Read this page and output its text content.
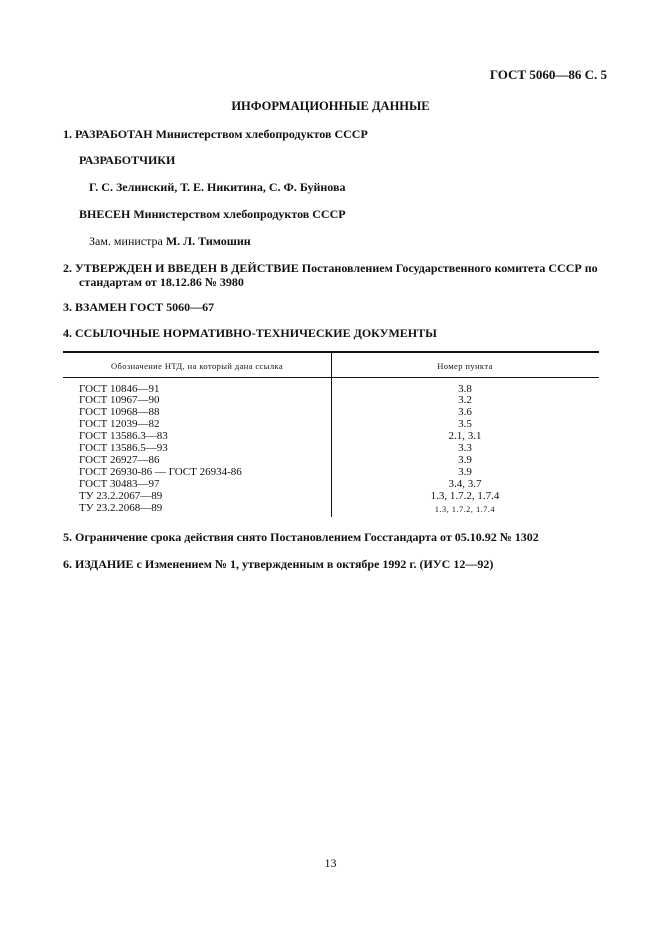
ГОСТ 5060—86 С. 5
ИНФОРМАЦИОННЫЕ ДАННЫЕ
1. РАЗРАБОТАН Министерством хлебопродуктов СССР
РАЗРАБОТЧИКИ
Г. С. Зелинский, Т. Е. Никитина, С. Ф. Буйнова
ВНЕСЕН Министерством хлебопродуктов СССР
Зам. министра М. Л. Тимошин
2. УТВЕРЖДЕН И ВВЕДЕН В ДЕЙСТВИЕ Постановлением Государственного комитета СССР по
стандартам от 18.12.86 № 3980
3. ВЗАМЕН ГОСТ 5060—67
4. ССЫЛОЧНЫЕ НОРМАТИВНО-ТЕХНИЧЕСКИЕ ДОКУМЕНТЫ
Обозначение НТД, на который дана ссылка	Номер пункта
ГОСТ 10846—91	3.8
ГОСТ 10967—90	3.2
ГОСТ 10968—88	3.6
ГОСТ 12039—82	3.5
ГОСТ 13586.3—83	2.1, 3.1
ГОСТ 13586.5—93	3.3
ГОСТ 26927—86	3.9
ГОСТ 26930-86 — ГОСТ 26934-86	3.9
ГОСТ 30483—97	3.4, 3.7
ТУ 23.2.2067—89	1.3, 1.7.2, 1.7.4
ТУ 23.2.2068—89	1.3, 1.7.2, 1.7.4
5. Ограничение срока действия снято Постановлением Госстандарта от 05.10.92 № 1302
6. ИЗДАНИЕ с Изменением № 1, утвержденным в октябре 1992 г. (ИУС 12—92)
13
